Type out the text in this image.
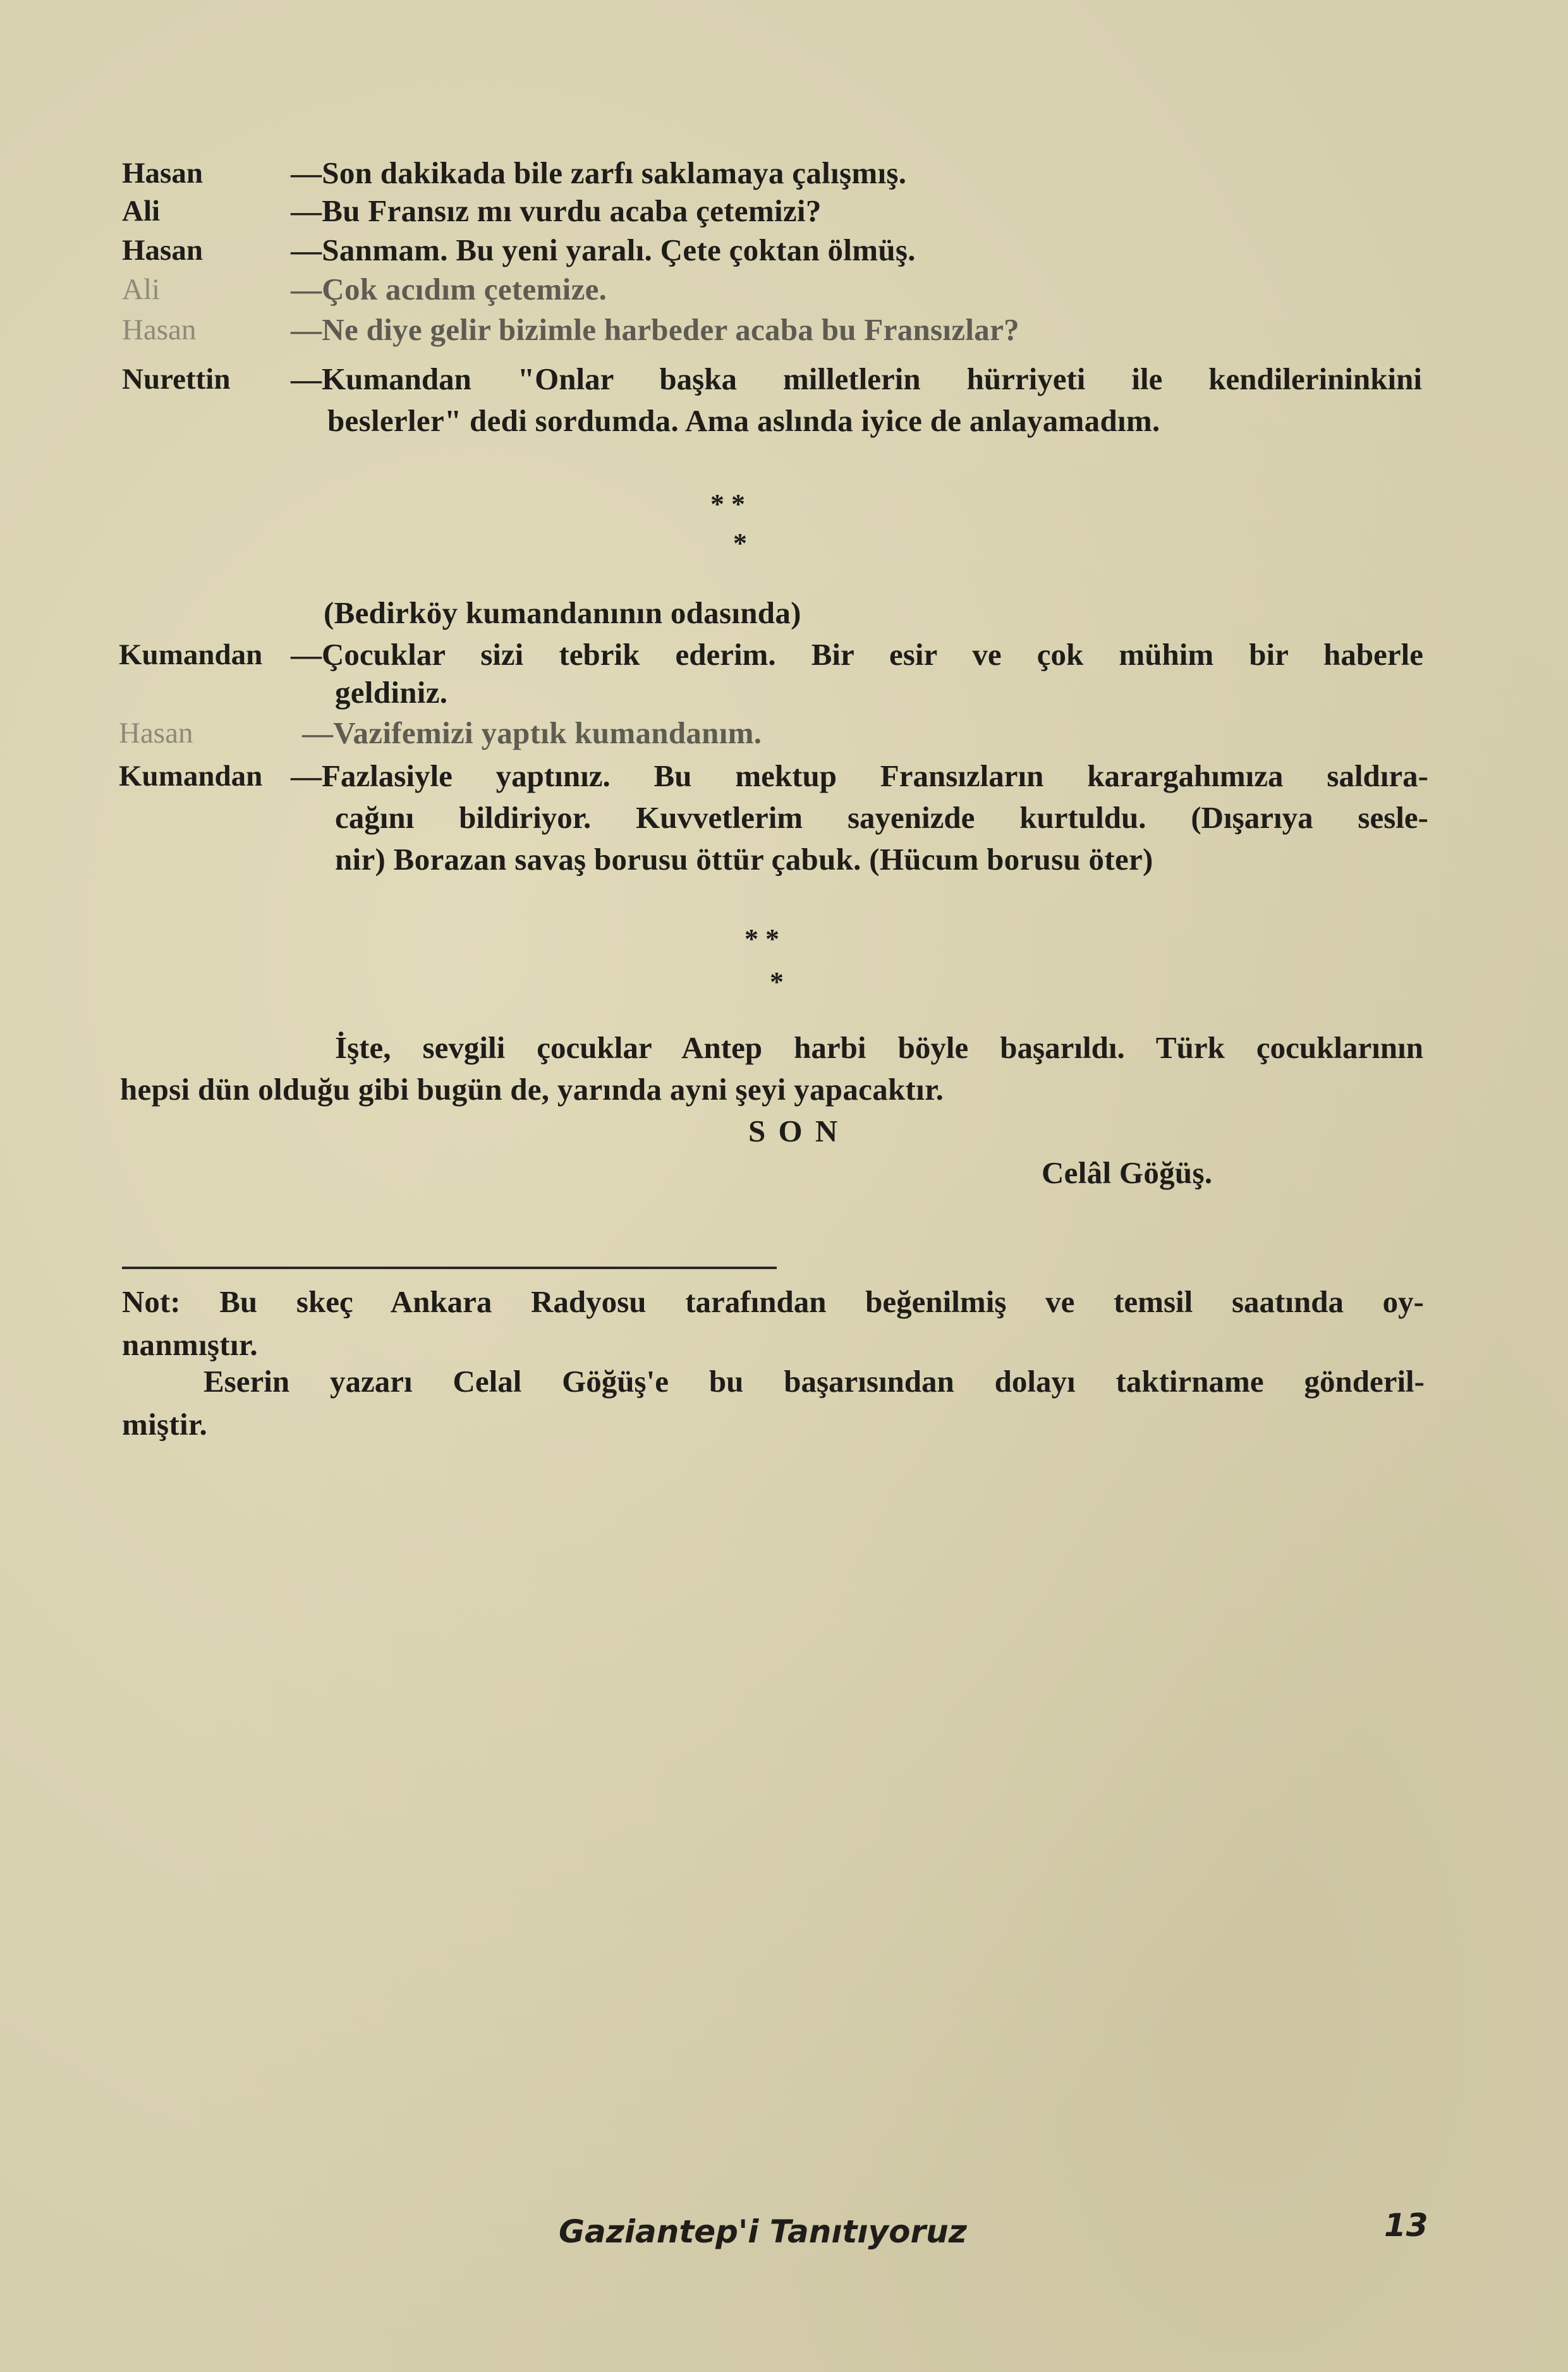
Hasan	—Son dakikada bile zarfı saklamaya çalışmış.
Ali	—Bu Fransız mı vurdu acaba çetemizi?
Hasan	—Sanmam. Bu yeni yaralı. Çete çoktan ölmüş.
Ali	—Çok acıdım çetemize.
Hasan	—Ne diye gelir bizimle harbeder acaba bu Fransızlar?
Nurettin —Kumandan "Onlar başka milletlerin hürriyeti ile kendilerininkini
beslerler" dedi sordumda. Ama aslında iyice de anlayamadım.
* *
*
(Bedirköy kumandanının odasında)
Kumandan —Çocuklar sizi tebrik ederim. Bir esir ve çok mühim bir haberle
geldiniz.
Hasan	—Vazifemizi yaptık kumandanım.
Kumandan —Fazlasiyle yaptınız. Bu mektup Fransızların karargahımıza saldıra-
cağını bildiriyor. Kuvvetlerim sayenizde kurtuldu. (Dışarıya sesle-
nir) Borazan savaş borusu öttür çabuk. (Hücum borusu öter)
* *
*
İşte, sevgili çocuklar Antep harbi böyle başarıldı. Türk çocuklarının
hepsi dün olduğu gibi bugün de, yarında ayni şeyi yapacaktır.
S O N
Celâl Göğüş.
Not: Bu skeç Ankara Radyosu tarafından beğenilmiş ve temsil saatında oy-
nanmıştır.
Eserin yazarı Celal Göğüş'e bu başarısından dolayı taktirname gönderil-
miştir.
Gaziantep'i Tanıtıyoruz	13
